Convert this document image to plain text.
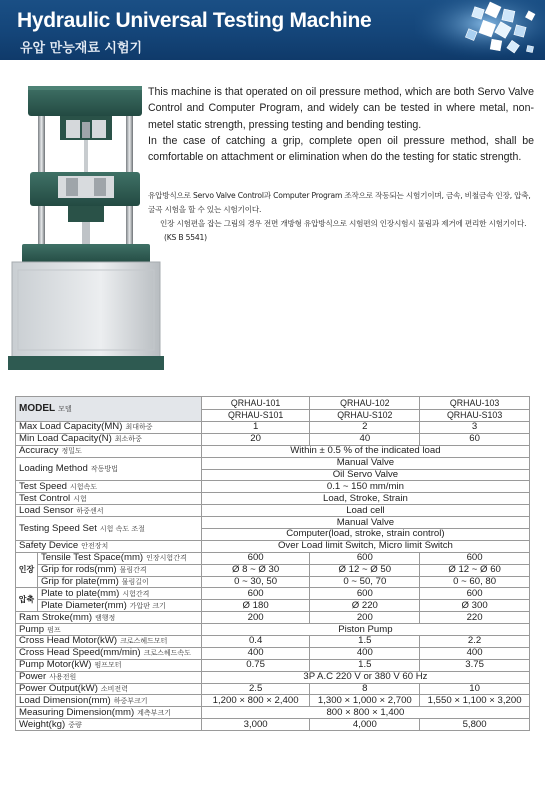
Hydraulic Universal Testing Machine
유압 만능재료 시험기
This machine is that operated on oil pressure method, which are both Servo Valve Control and Computer Program, and widely can be tested in where metal, non-metel static strength, pressing testing and bending testing.
In the case of catching a grip, complete open oil pressure method, shall be comfortable on attachment or elimination when do the testing for static strength.
유압방식으로 Servo Valve Control과 Computer Program 조작으로 작동되는 시험기이며, 금속, 비철금속 인장, 압축, 굴곡 시험을 할 수 있는 시험기이다.
인장 시험편을 잡는 그림의 경우 전면 개방형 유압방식으로 시험편의 인장시험시 물림과 제거에 편리한 시험기이다.
(KS B 5541)
MODEL 모델		QRHAU-101	QRHAU-102	QRHAU-103
		QRHAU-S101	QRHAU-S102	QRHAU-S103
Max Load Capacity(MN) 최대하중		1	2	3
Min Load Capacity(N) 최소하중		20	40	60
Accuracy 정밀도		Within ± 0.5 % of the indicated load		
Loading Method 작동방법		Manual Valve		
		Oil Servo Valve		
Test Speed 시험속도		0.1 ~ 150 mm/min		
Test Control 시험		Load, Stroke, Strain		
Load Sensor 하중센서		Load cell		
Testing Speed Set 시험 속도 조절		Manual Valve		
		Computer(load, stroke, strain control)		
Safety Device 안전장치		Over Load limit Switch, Micro limit Switch		
인장	Tensile Test Space(mm) 인장시험간격	600	600	600
	Grip for rods(mm) 물림간격	Ø 8 ~ Ø 30	Ø 12 ~ Ø 50	Ø 12 ~ Ø 60
	Grip for plate(mm) 물림길이	0 ~ 30, 50	0 ~ 50, 70	0 ~ 60, 80
압축	Plate to plate(mm) 시험간격	600	600	600
	Plate Diameter(mm) 가압판 크기	Ø 180	Ø 220	Ø 300
Ram Stroke(mm) 램행정		200	200	220
Pump 펌프		Piston Pump		
Cross Head Motor(kW) 크로스헤드모터		0.4	1.5	2.2
Cross Head Speed(mm/min) 크로스헤드속도		400	400	400
Pump Motor(kW) 펌프모터		0.75	1.5	3.75
Power 사용전원		3P A.C 220 V or 380 V 60 Hz		
Power Output(kW) 소비전력		2.5	8	10
Load Dimension(mm) 하중부크기		1,200 × 800 × 2,400	1,300 × 1,000 × 2,700	1,550 × 1,100 × 3,200
Measuring Dimension(mm) 계측부크기		800 × 800 × 1,400		
Weight(kg) 중량		3,000	4,000	5,800
